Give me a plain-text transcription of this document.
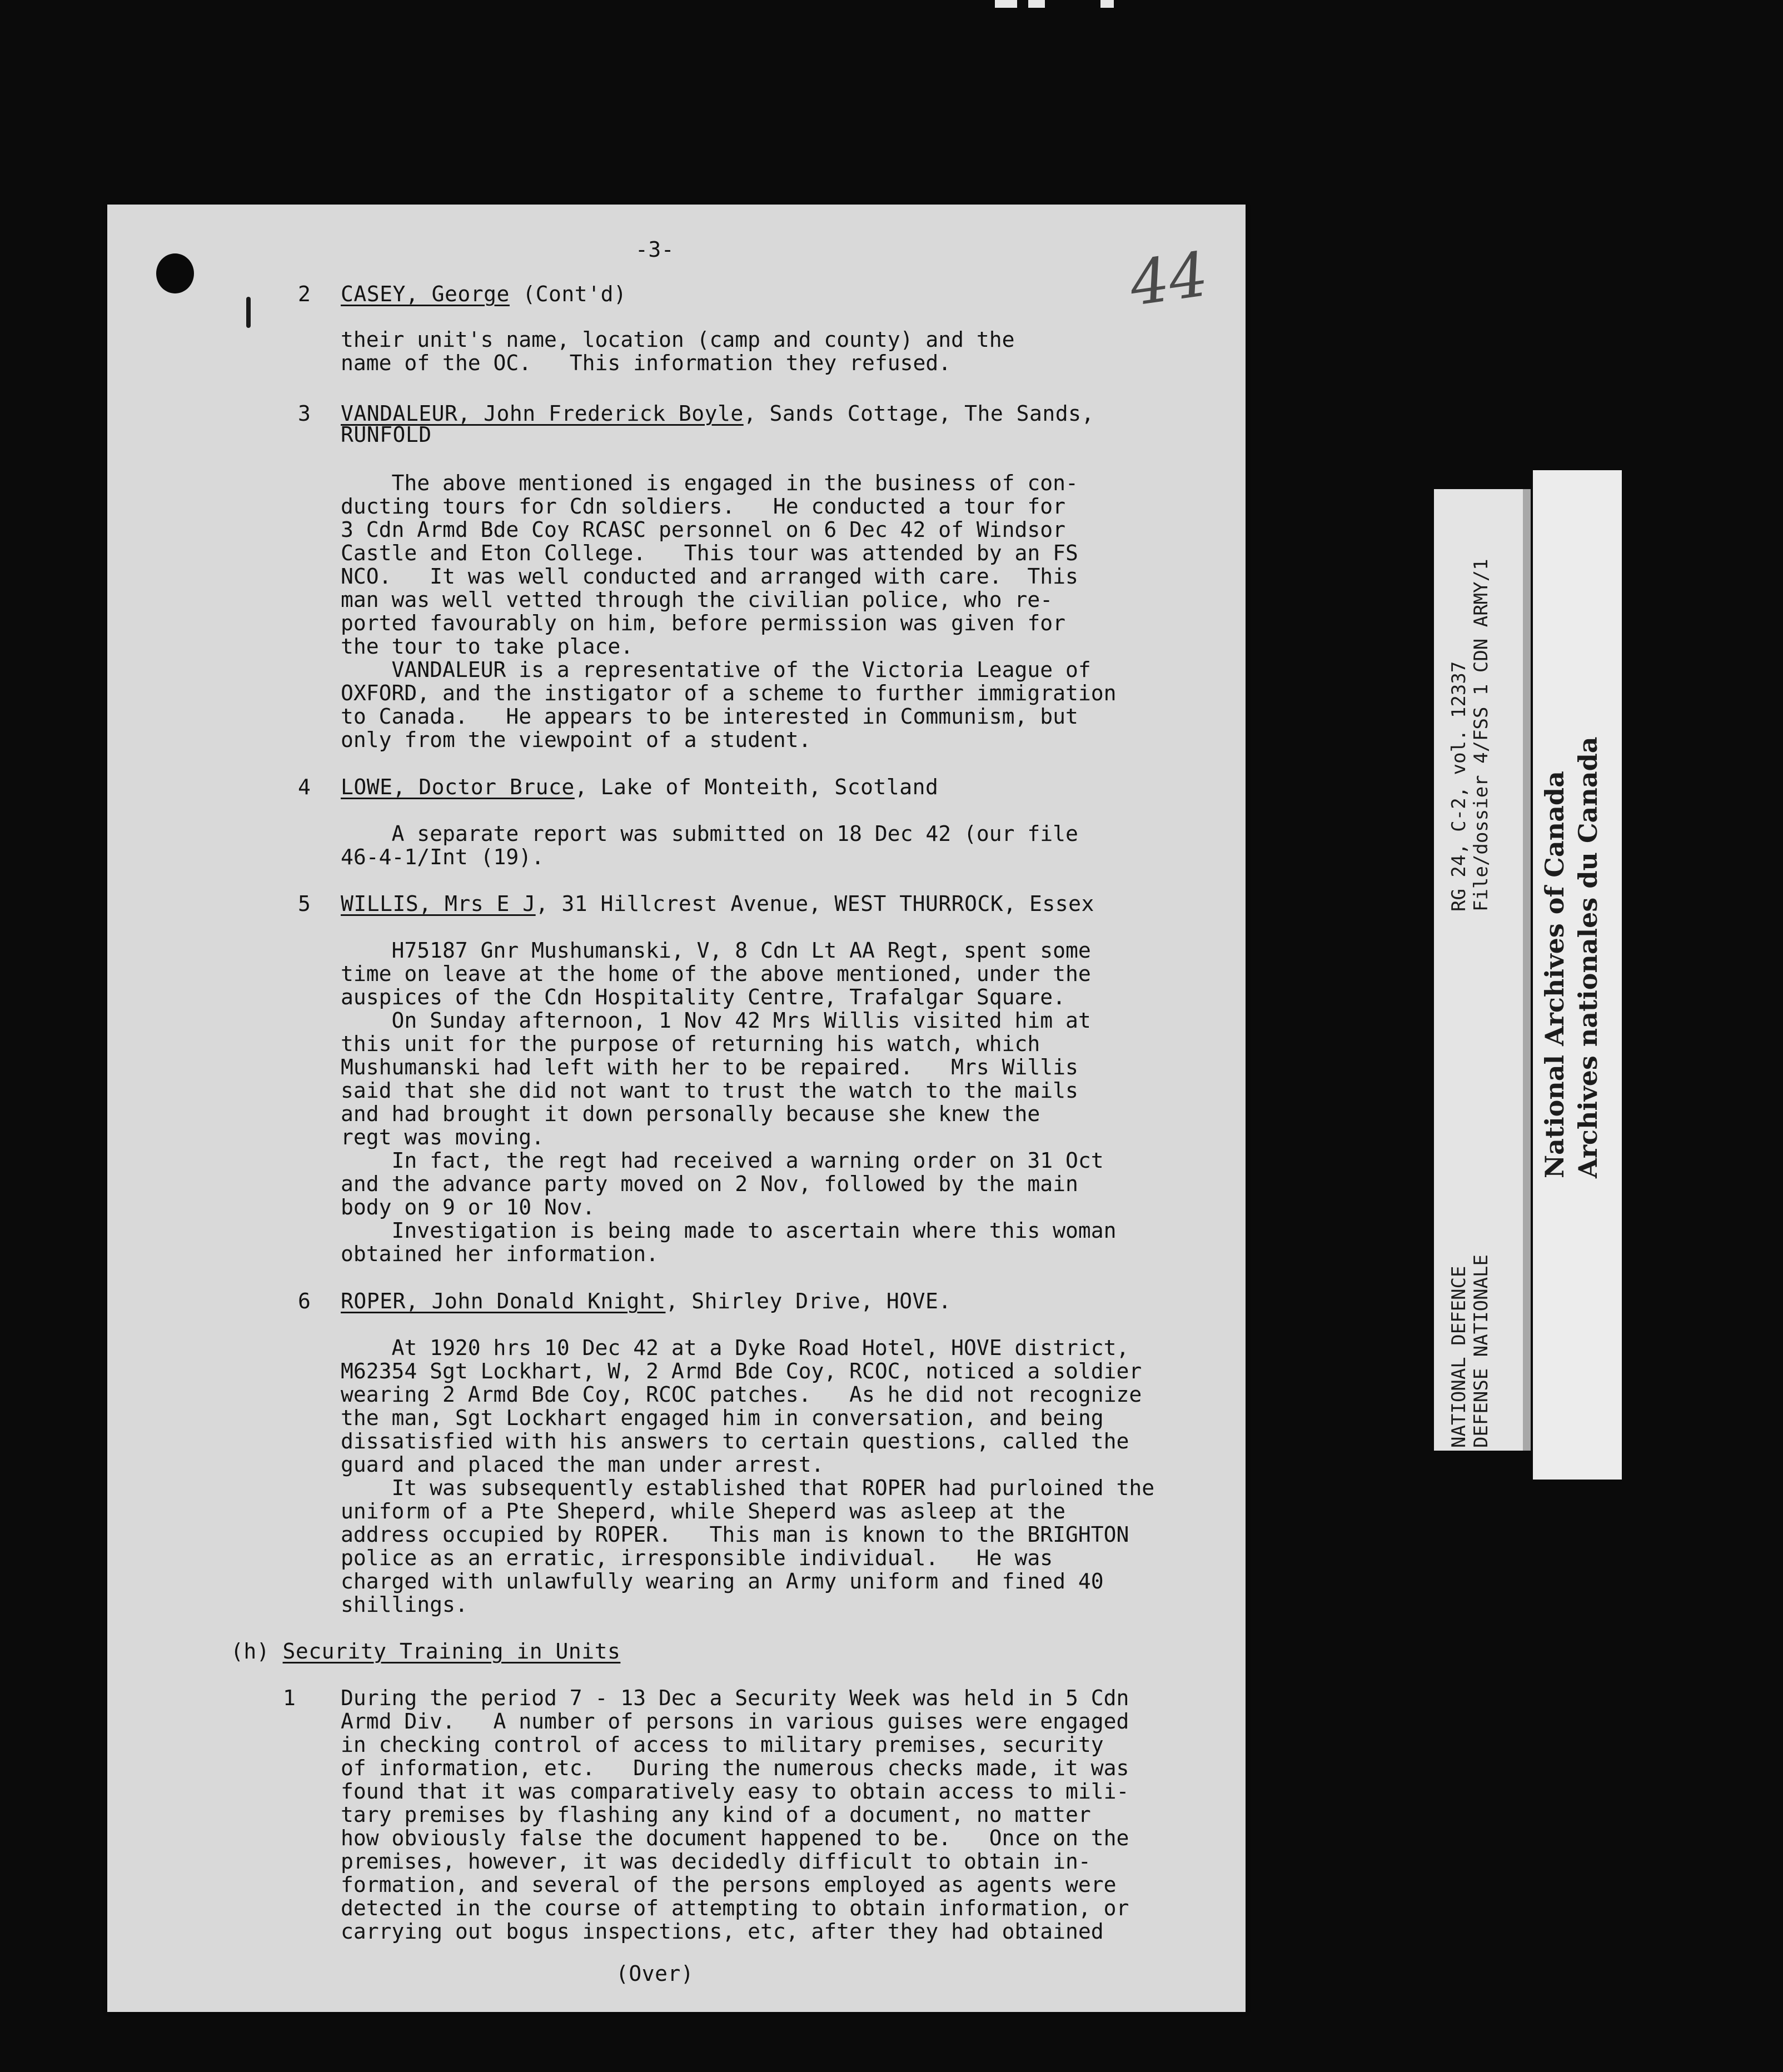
44
-3-
2 CASEY, George (Cont'd)
their unit's name, location (camp and county) and the
name of the OC.   This information they refused.
3 VANDALEUR, John Frederick Boyle, Sands Cottage, The Sands,
RUNFOLD
The above mentioned is engaged in the business of con-
ducting tours for Cdn soldiers.   He conducted a tour for
3 Cdn Armd Bde Coy RCASC personnel on 6 Dec 42 of Windsor
Castle and Eton College.   This tour was attended by an FS
NCO.   It was well conducted and arranged with care.  This
man was well vetted through the civilian police, who re-
ported favourably on him, before permission was given for
the tour to take place.
VANDALEUR is a representative of the Victoria League of
OXFORD, and the instigator of a scheme to further immigration
to Canada.   He appears to be interested in Communism, but
only from the viewpoint of a student.
4 LOWE, Doctor Bruce, Lake of Monteith, Scotland
A separate report was submitted on 18 Dec 42 (our file
46-4-1/Int (19).
5 WILLIS, Mrs E J, 31 Hillcrest Avenue, WEST THURROCK, Essex
H75187 Gnr Mushumanski, V, 8 Cdn Lt AA Regt, spent some
time on leave at the home of the above mentioned, under the
auspices of the Cdn Hospitality Centre, Trafalgar Square.
On Sunday afternoon, 1 Nov 42 Mrs Willis visited him at
this unit for the purpose of returning his watch, which
Mushumanski had left with her to be repaired.   Mrs Willis
said that she did not want to trust the watch to the mails
and had brought it down personally because she knew the
regt was moving.
In fact, the regt had received a warning order on 31 Oct
and the advance party moved on 2 Nov, followed by the main
body on 9 or 10 Nov.
Investigation is being made to ascertain where this woman
obtained her information.
6 ROPER, John Donald Knight, Shirley Drive, HOVE.
At 1920 hrs 10 Dec 42 at a Dyke Road Hotel, HOVE district,
M62354 Sgt Lockhart, W, 2 Armd Bde Coy, RCOC, noticed a soldier
wearing 2 Armd Bde Coy, RCOC patches.   As he did not recognize
the man, Sgt Lockhart engaged him in conversation, and being
dissatisfied with his answers to certain questions, called the
guard and placed the man under arrest.
It was subsequently established that ROPER had purloined the
uniform of a Pte Sheperd, while Sheperd was asleep at the
address occupied by ROPER.   This man is known to the BRIGHTON
police as an erratic, irresponsible individual.   He was
charged with unlawfully wearing an Army uniform and fined 40
shillings.
(h) Security Training in Units
1 During the period 7 - 13 Dec a Security Week was held in 5 Cdn
Armd Div.   A number of persons in various guises were engaged
in checking control of access to military premises, security
of information, etc.   During the numerous checks made, it was
found that it was comparatively easy to obtain access to mili-
tary premises by flashing any kind of a document, no matter
how obviously false the document happened to be.   Once on the
premises, however, it was decidedly difficult to obtain in-
formation, and several of the persons employed as agents were
detected in the course of attempting to obtain information, or
carrying out bogus inspections, etc, after they had obtained
(Over)
NATIONAL DEFENCE DEFENSE NATIONALE
RG 24, C-2, vol. 12337 File/dossier 4/FSS 1 CDN ARMY/1
National Archives of Canada Archives nationales du Canada
